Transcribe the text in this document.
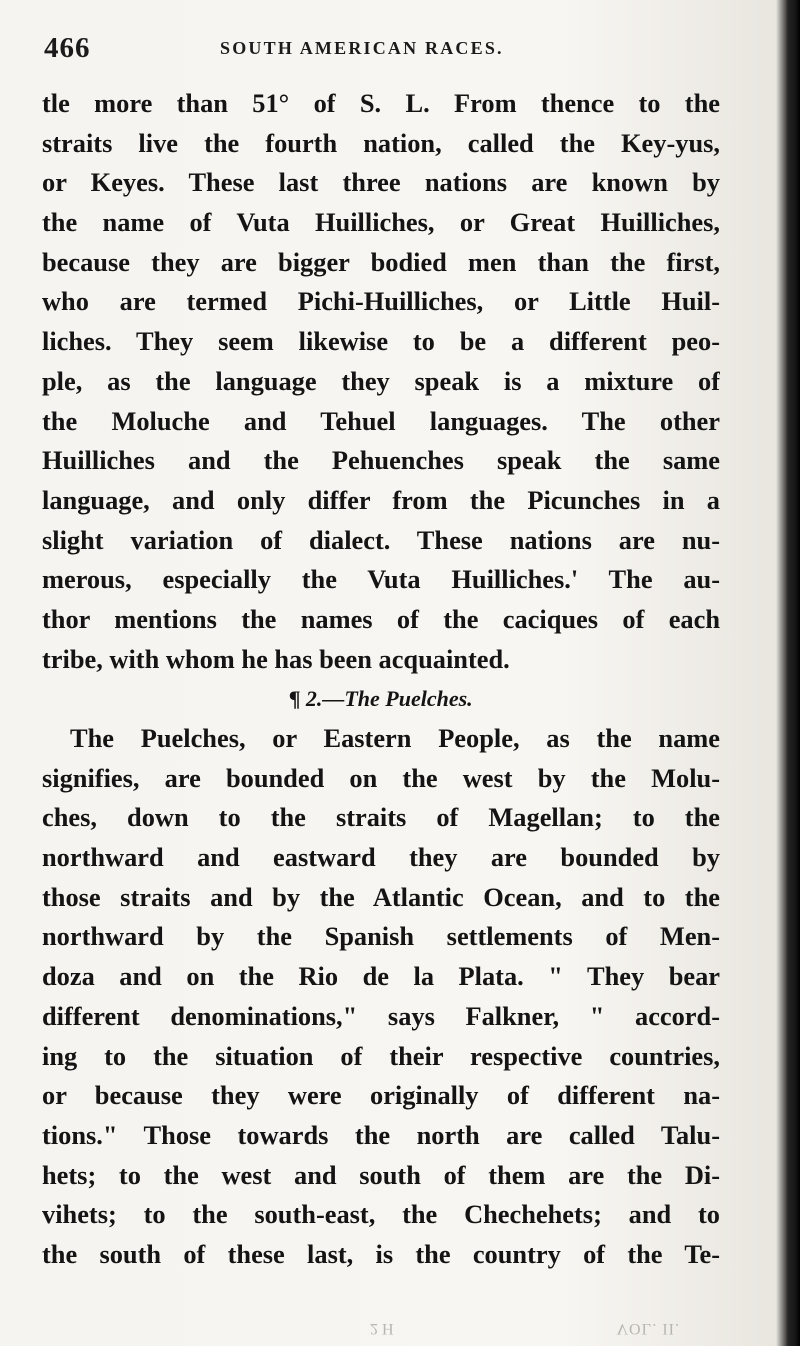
466	SOUTH AMERICAN RACES.
tle more than 51° of S. L. From thence to the
straits live the fourth nation, called the Key-yus,
or Keyes. These last three nations are known by
the name of Vuta Huilliches, or Great Huilliches,
because they are bigger bodied men than the first,
who are termed Pichi-Huilliches, or Little Huil-
liches. They seem likewise to be a different peo-
ple, as the language they speak is a mixture of
the Moluche and Tehuel languages. The other
Huilliches and the Pehuenches speak the same
language, and only differ from the Picunches in a
slight variation of dialect. These nations are nu-
merous, especially the Vuta Huilliches.' The au-
thor mentions the names of the caciques of each
tribe, with whom he has been acquainted.
¶ 2.—The Puelches.
The Puelches, or Eastern People, as the name
signifies, are bounded on the west by the Molu-
ches, down to the straits of Magellan; to the
northward and eastward they are bounded by
those straits and by the Atlantic Ocean, and to the
northward by the Spanish settlements of Men-
doza and on the Rio de la Plata. " They bear
different denominations," says Falkner, " accord-
ing to the situation of their respective countries,
or because they were originally of different na-
tions." Those towards the north are called Talu-
hets; to the west and south of them are the Di-
vihets; to the south-east, the Chechehets; and to
the south of these last, is the country of the Te-
2 H	VOL. II.
